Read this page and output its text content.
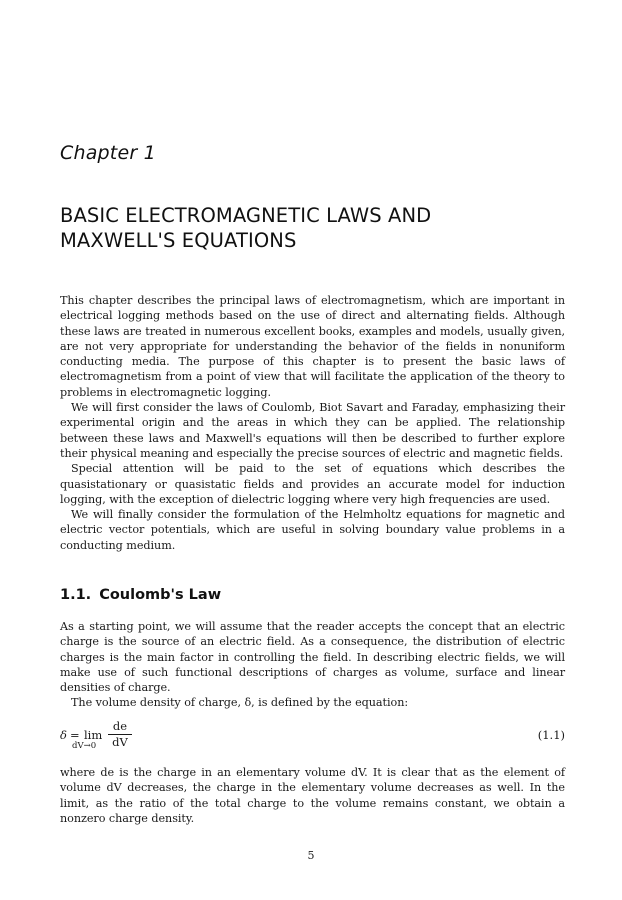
Chapter 1
BASIC ELECTROMAGNETIC LAWS AND
MAXWELL'S EQUATIONS

This chapter describes the principal laws of electromagnetism, which are important in electrical logging methods based on the use of direct and alternating fields. Although these laws are treated in numerous excellent books, examples and models, usually given, are not very appropriate for understanding the behavior of the fields in nonuniform conducting media. The purpose of this chapter is to present the basic laws of electromagnetism from a point of view that will facilitate the application of the theory to problems in electromagnetic logging.

We will first consider the laws of Coulomb, Biot Savart and Faraday, emphasizing their experimental origin and the areas in which they can be applied. The relationship between these laws and Maxwell's equations will then be described to further explore their physical meaning and especially the precise sources of electric and magnetic fields.

Special attention will be paid to the set of equations which describes the quasistationary or quasistatic fields and provides an accurate model for induction logging, with the exception of dielectric logging where very high frequencies are used.

We will finally consider the formulation of the Helmholtz equations for magnetic and electric vector potentials, which are useful in solving boundary value problems in a conducting medium.

1.1. Coulomb's Law

As a starting point, we will assume that the reader accepts the concept that an electric charge is the source of an electric field. As a consequence, the distribution of electric charges is the main factor in controlling the field. In describing electric fields, we will make use of such functional descriptions of charges as volume, surface and linear densities of charge.

The volume density of charge, δ, is defined by the equation:

δ = lim
dV→0
de
dV	(1.1)

where de is the charge in an elementary volume dV. It is clear that as the element of volume dV decreases, the charge in the elementary volume decreases as well. In the limit, as the ratio of the total charge to the volume remains constant, we obtain a nonzero charge density.

5
